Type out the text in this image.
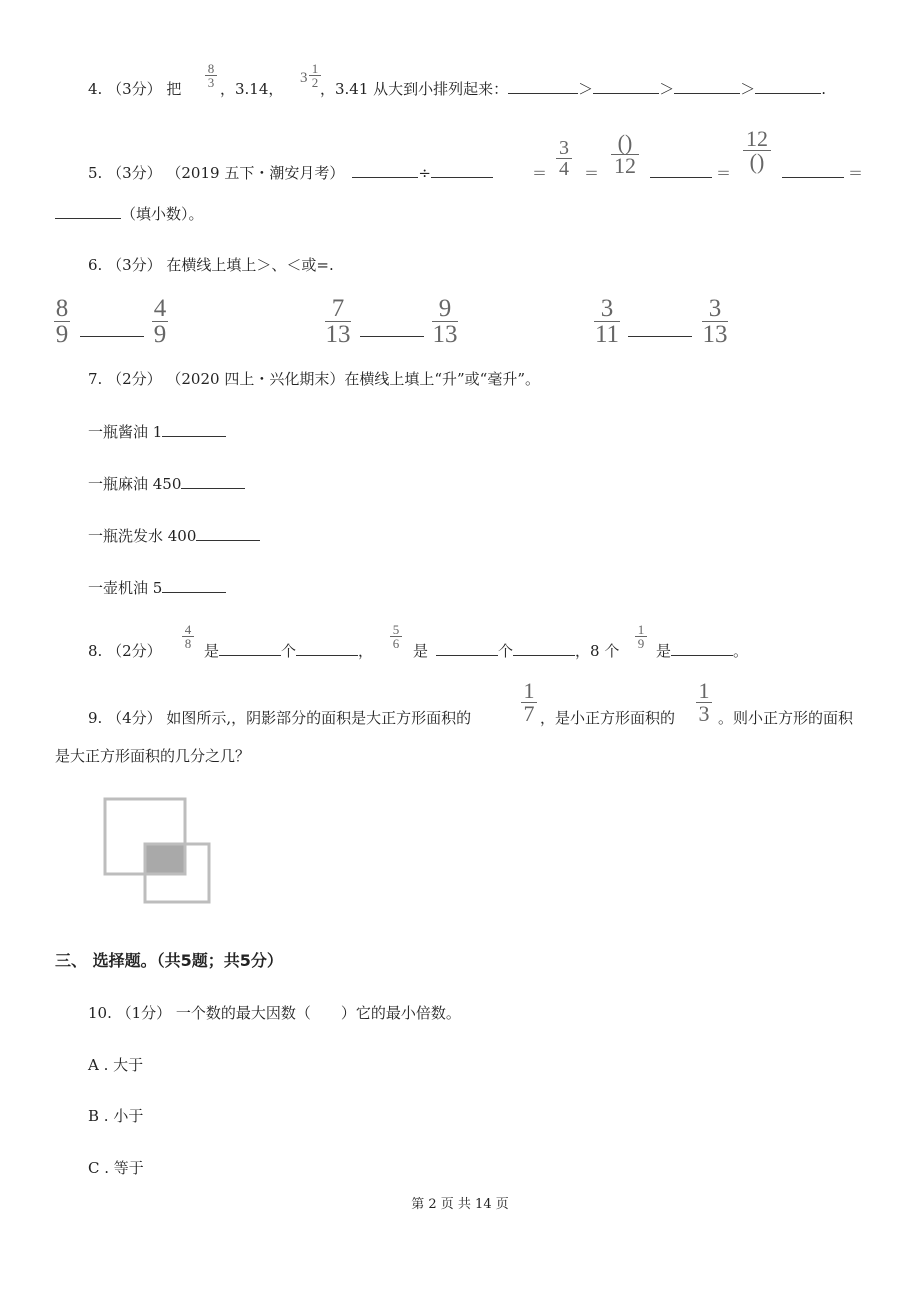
4. （3分） 把
8
3 ，3.14，
3
1
2 ，3.41 从大到小排列起来：	＞	＞	＞	.
5. （3分） （2019 五下・潮安月考）	÷	＝
3
4 ＝
()
12	＝
12
()	＝
（填小数）。
6. （3分） 在横线上填上＞、＜或=.
8
9
4
9
7
13
9
13
3
11
3
13
7. （2分） （2020 四上・兴化期末）在横线上填上“升”或“毫升”。
一瓶酱油 1
一瓶麻油 450
一瓶洗发水 400
一壶机油 5
8. （2分）
4
8 是	个	，
5
6 是	个	，8 个
1
9 是	。
9. （4分） 如图所示,，阴影部分的面积是大正方形面积的
1
7 ，是小正方形面积的
1
3 。则小正方形的面积
是大正方形面积的几分之几？
三、 选择题。（共5题；共5分）
10. （1分） 一个数的最大因数（　　）它的最小倍数。
A . 大于
B . 小于
C . 等于
第 2 页 共 14 页
